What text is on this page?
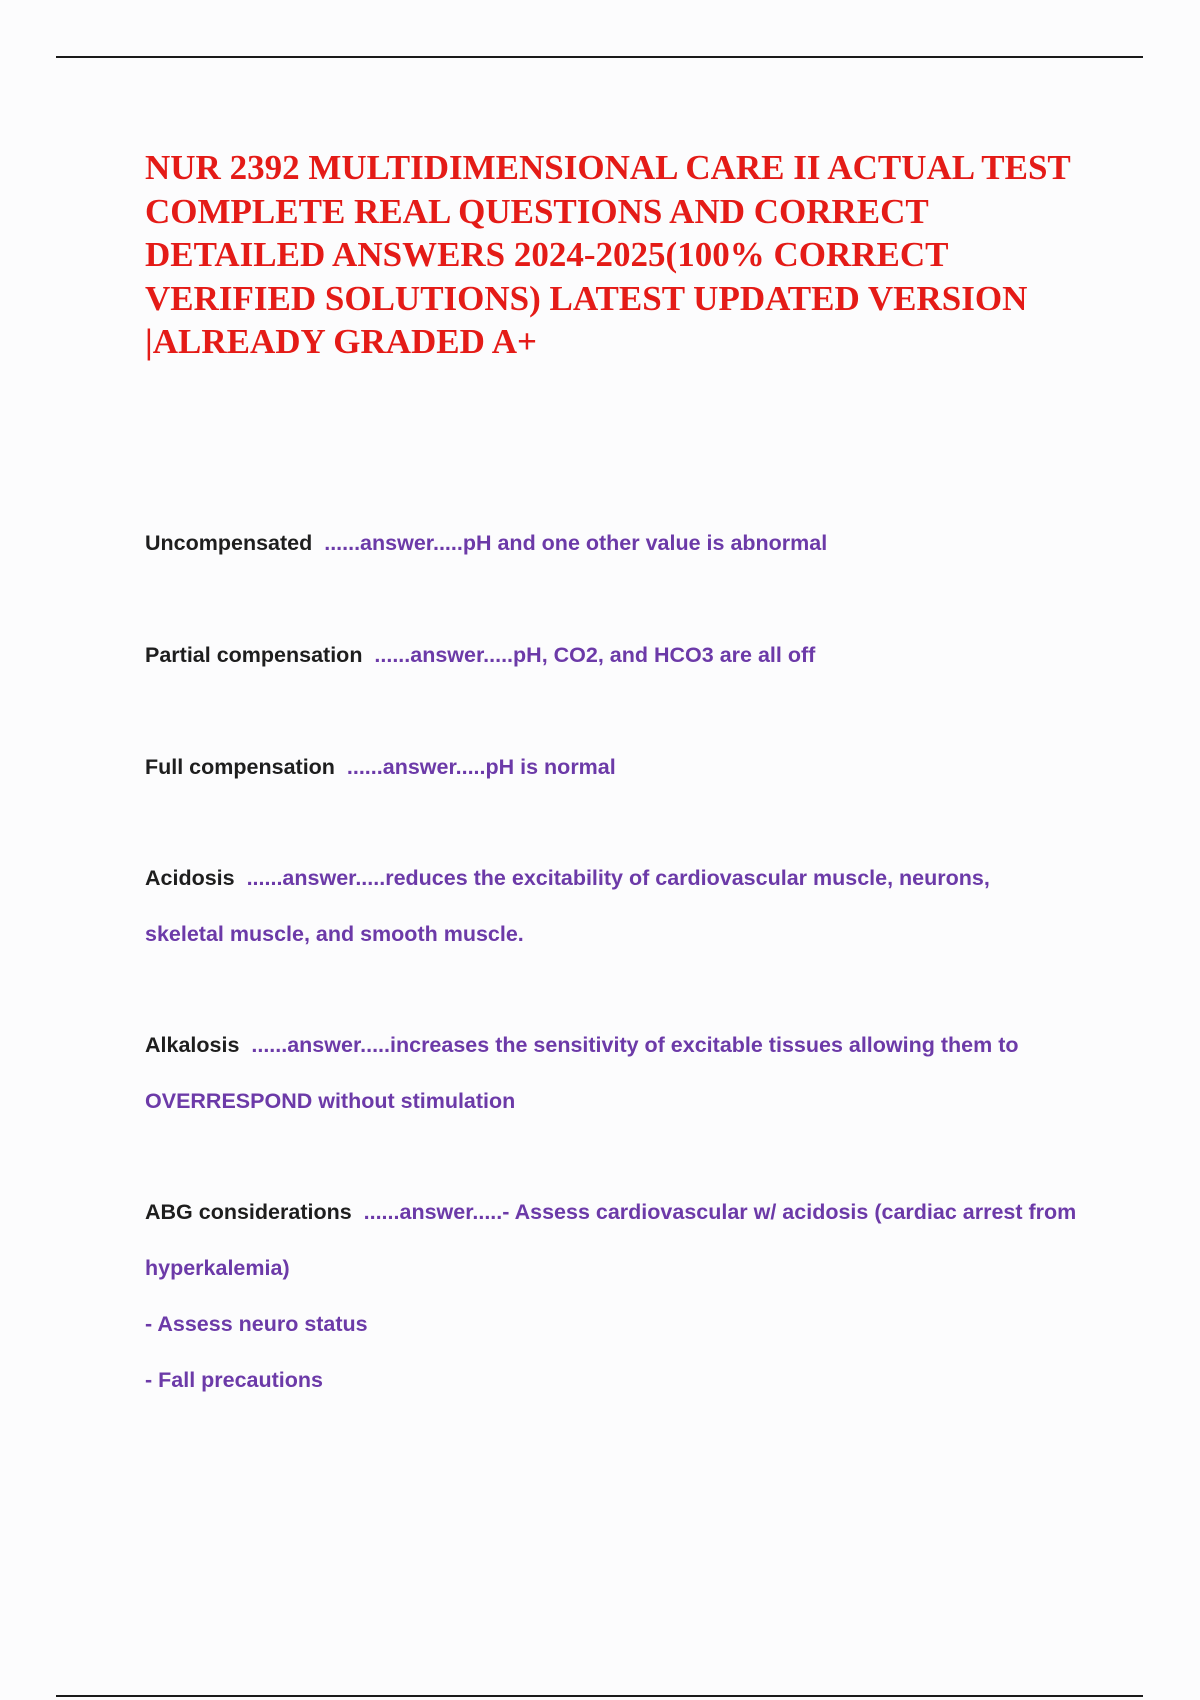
NUR 2392 MULTIDIMENSIONAL CARE II ACTUAL TEST COMPLETE REAL QUESTIONS AND CORRECT DETAILED ANSWERS 2024-2025(100% CORRECT VERIFIED SOLUTIONS) LATEST UPDATED VERSION |ALREADY GRADED A+

Uncompensated ......answer.....pH and one other value is abnormal

Partial compensation ......answer.....pH, CO2, and HCO3 are all off

Full compensation ......answer.....pH is normal

Acidosis ......answer.....reduces the excitability of cardiovascular muscle, neurons, skeletal muscle, and smooth muscle.

Alkalosis ......answer.....increases the sensitivity of excitable tissues allowing them to OVERRESPOND without stimulation

ABG considerations ......answer.....- Assess cardiovascular w/ acidosis (cardiac arrest from hyperkalemia)

- Assess neuro status

- Fall precautions
